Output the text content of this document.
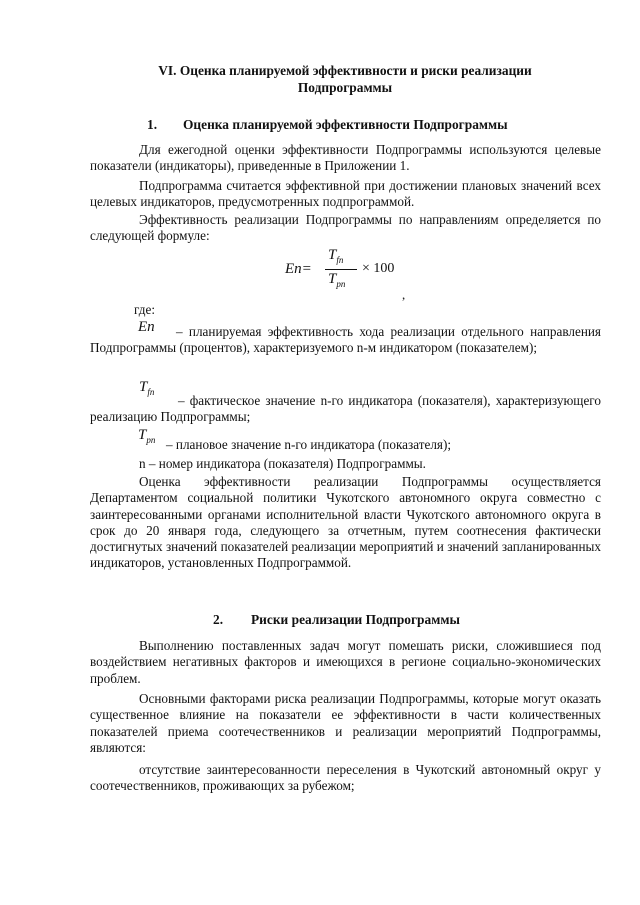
VI. Оценка планируемой эффективности и риски реализации
Подпрограммы
1. Оценка планируемой эффективности Подпрограммы
Для ежегодной оценки эффективности Подпрограммы используются целевые показатели (индикаторы), приведенные в Приложении 1.
Подпрограмма считается эффективной при достижении плановых значений всех целевых индикаторов, предусмотренных подпрограммой.
Эффективность реализации Подпрограммы по направлениям определяется по следующей формуле:
En=
$T_{fn}$
$T_{pn}$
× 100
,
где:
En	– планируемая эффективность хода реализации отдельного направления Подпрограммы (процентов), характеризуемого n-м индикатором (показателем);
$T_{fn}$
– фактическое значение n-го индикатора (показателя), характеризующего реализацию Подпрограммы;
$T_{pn}$ – плановое значение n-го индикатора (показателя);
n – номер индикатора (показателя) Подпрограммы.
Оценка эффективности реализации Подпрограммы осуществляется Департаментом социальной политики Чукотского автономного округа совместно с заинтересованными органами исполнительной власти Чукотского автономного округа в срок до 20 января года, следующего за отчетным, путем соотнесения фактически достигнутых значений показателей реализации мероприятий и значений запланированных индикаторов, установленных Подпрограммой.
2. Риски реализации Подпрограммы
Выполнению поставленных задач могут помешать риски, сложившиеся под воздействием негативных факторов и имеющихся в регионе социально-экономических проблем.
Основными факторами риска реализации Подпрограммы, которые могут оказать существенное влияние на показатели ее эффективности в части количественных показателей приема соотечественников и реализации мероприятий Подпрограммы, являются:
отсутствие заинтересованности переселения в Чукотский автономный округ у соотечественников, проживающих за рубежом;
